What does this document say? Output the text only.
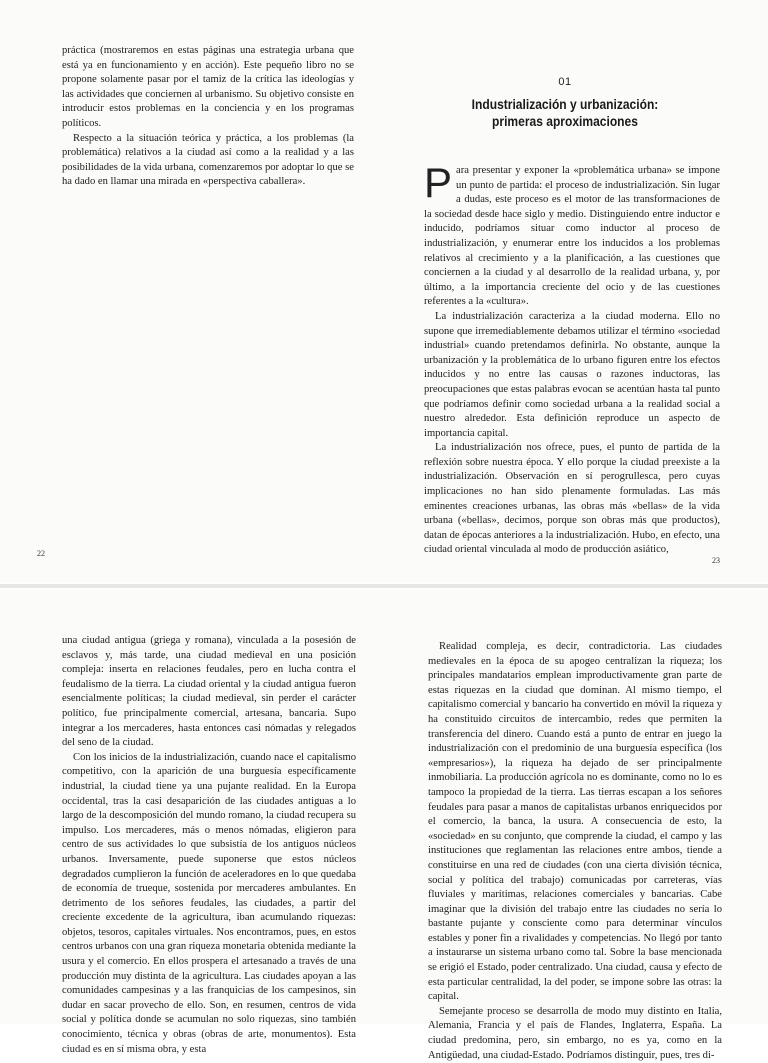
práctica (mostraremos en estas páginas una estrategia urbana que está ya en funcionamiento y en acción). Este pequeño libro no se propone solamente pasar por el tamiz de la crítica las ideologías y las actividades que conciernen al urbanismo. Su objetivo consiste en introducir estos problemas en la conciencia y en los programas políticos.

Respecto a la situación teórica y práctica, a los problemas (la problemática) relativos a la ciudad así como a la realidad y a las posibilidades de la vida urbana, comenzaremos por adoptar lo que se ha dado en llamar una mirada en «perspectiva caballera».

22
01
Industrialización y urbanización:
primeras aproximaciones

Para presentar y exponer la «problemática urbana» se impone un punto de partida: el proceso de industrialización. Sin lugar a dudas, este proceso es el motor de las transformaciones de la sociedad desde hace siglo y medio. Distinguiendo entre inductor e inducido, podríamos situar como inductor al proceso de industrialización, y enumerar entre los inducidos a los problemas relativos al crecimiento y a la planificación, a las cuestiones que conciernen a la ciudad y al desarrollo de la realidad urbana, y, por último, a la importancia creciente del ocio y de las cuestiones referentes a la «cultura».

La industrialización caracteriza a la ciudad moderna. Ello no supone que irremediablemente debamos utilizar el término «sociedad industrial» cuando pretendamos definirla. No obstante, aunque la urbanización y la problemática de lo urbano figuren entre los efectos inducidos y no entre las causas o razones inductoras, las preocupaciones que estas palabras evocan se acentúan hasta tal punto que podríamos definir como sociedad urbana a la realidad social a nuestro alrededor. Esta definición reproduce un aspecto de importancia capital.

La industrialización nos ofrece, pues, el punto de partida de la reflexión sobre nuestra época. Y ello porque la ciudad preexiste a la industrialización. Observación en sí perogrullesca, pero cuyas implicaciones no han sido plenamente formuladas. Las más eminentes creaciones urbanas, las obras más «bellas» de la vida urbana («bellas», decimos, porque son obras más que productos), datan de épocas anteriores a la industrialización. Hubo, en efecto, una ciudad oriental vinculada al modo de producción asiático,

23

una ciudad antigua (griega y romana), vinculada a la posesión de esclavos y, más tarde, una ciudad medieval en una posición compleja: inserta en relaciones feudales, pero en lucha contra el feudalismo de la tierra. La ciudad oriental y la ciudad antigua fueron esencialmente políticas; la ciudad medieval, sin perder el carácter político, fue principalmente comercial, artesana, bancaria. Supo integrar a los mercaderes, hasta entonces casi nómadas y relegados del seno de la ciudad.

Con los inicios de la industrialización, cuando nace el capitalismo competitivo, con la aparición de una burguesía específicamente industrial, la ciudad tiene ya una pujante realidad. En la Europa occidental, tras la casi desaparición de las ciudades antiguas a lo largo de la descomposición del mundo romano, la ciudad recupera su impulso. Los mercaderes, más o menos nómadas, eligieron para centro de sus actividades lo que subsistía de los antiguos núcleos urbanos. Inversamente, puede suponerse que estos núcleos degradados cumplieron la función de aceleradores en lo que quedaba de economía de trueque, sostenida por mercaderes ambulantes. En detrimento de los señores feudales, las ciudades, a partir del creciente excedente de la agricultura, iban acumulando riquezas: objetos, tesoros, capitales virtuales. Nos encontramos, pues, en estos centros urbanos con una gran riqueza monetaria obtenida mediante la usura y el comercio. En ellos prospera el artesanado a través de una producción muy distinta de la agricultura. Las ciudades apoyan a las comunidades campesinas y a las franquicias de los campesinos, sin dudar en sacar provecho de ello. Son, en resumen, centros de vida social y política donde se acumulan no solo riquezas, sino también conocimiento, técnica y obras (obras de arte, monumentos). Esta ciudad es en sí misma obra, y esta

Realidad compleja, es decir, contradictoria. Las ciudades medievales en la época de su apogeo centralizan la riqueza; los principales mandatarios emplean improductivamente gran parte de estas riquezas en la ciudad que dominan. Al mismo tiempo, el capitalismo comercial y bancario ha convertido en móvil la riqueza y ha constituido circuitos de intercambio, redes que permiten la transferencia del dinero. Cuando está a punto de entrar en juego la industrialización con el predominio de una burguesía específica (los «empresarios»), la riqueza ha dejado de ser principalmente inmobiliaria. La producción agrícola no es dominante, como no lo es tampoco la propiedad de la tierra. Las tierras escapan a los señores feudales para pasar a manos de capitalistas urbanos enriquecidos por el comercio, la banca, la usura. A consecuencia de esto, la «sociedad» en su conjunto, que comprende la ciudad, el campo y las instituciones que reglamentan las relaciones entre ambos, tiende a constituirse en una red de ciudades (con una cierta división técnica, social y política del trabajo) comunicadas por carreteras, vías fluviales y marítimas, relaciones comerciales y bancarias. Cabe imaginar que la división del trabajo entre las ciudades no sería lo bastante pujante y consciente como para determinar vínculos estables y poner fin a rivalidades y competencias. No llegó por tanto a instaurarse un sistema urbano como tal. Sobre la base mencionada se erigió el Estado, poder centralizado. Una ciudad, causa y efecto de esta particular centralidad, la del poder, se impone sobre las otras: la capital.

Semejante proceso se desarrolla de modo muy distinto en Italia, Alemania, Francia y el país de Flandes, Inglaterra, España. La ciudad predomina, pero, sin embargo, no es ya, como en la Antigüedad, una ciudad-Estado. Podríamos distinguir, pues, tres di-
